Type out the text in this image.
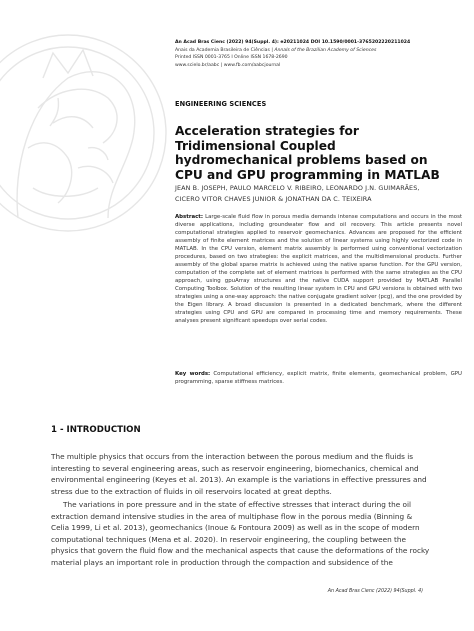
An Acad Bras Cienc (2022) 94(Suppl. 4): e20211024 DOI 10.1590/0001-3765202220211024
Anais da Academia Brasileira de Ciências | Annals of the Brazilian Academy of Sciences
Printed ISSN 0001-3765 I Online ISSN 1678-2690
www.scielo.br/aabc | www.fb.com/aabcjournal
ENGINEERING SCIENCES
Acceleration strategies for Tridimensional Coupled hydromechanical problems based on CPU and GPU programming in MATLAB
JEAN B. JOSEPH, PAULO MARCELO V. RIBEIRO, LEONARDO J.N. GUIMARÃES,
CICERO VITOR CHAVES JUNIOR & JONATHAN DA C. TEIXEIRA

Abstract: Large-scale fluid flow in porous media demands intense computations and occurs in the most diverse applications, including groundwater flow and oil recovery. This article presents novel computational strategies applied to reservoir geomechanics. Advances are proposed for the efficient assembly of finite element matrices and the solution of linear systems using highly vectorized code in MATLAB. In the CPU version, element matrix assembly is performed using conventional vectorization procedures, based on two strategies: the explicit matrices, and the multidimensional products. Further assembly of the global sparse matrix is achieved using the native sparse function. For the GPU version, computation of the complete set of element matrices is performed with the same strategies as the CPU approach, using gpuArray structures and the native CUDA support provided by MATLAB Parallel Computing Toolbox. Solution of the resulting linear system in CPU and GPU versions is obtained with two strategies using a one-way approach: the native conjugate gradient solver (pcg), and the one provided by the Eigen library. A broad discussion is presented in a dedicated benchmark, where the different strategies using CPU and GPU are compared in processing time and memory requirements. These analyses present significant speedups over serial codes.

Key words: Computational efficiency, explicit matrix, finite elements, geomechanical problem, GPU programming, sparse stiffness matrices.

1 - INTRODUCTION

The multiple physics that occurs from the interaction between the porous medium and the fluids is interesting to several engineering areas, such as reservoir engineering, biomechanics, chemical and environmental engineering (Keyes et al. 2013). An example is the variations in effective pressures and stress due to the extraction of fluids in oil reservoirs located at great depths.

The variations in pore pressure and in the state of effective stresses that interact during the oil extraction demand intensive studies in the area of multiphase flow in the porous media (Binning & Celia 1999, Li et al. 2013), geomechanics (Inoue & Fontoura 2009) as well as in the scope of modern computational techniques (Mena et al. 2020). In reservoir engineering, the coupling between the physics that govern the fluid flow and the mechanical aspects that cause the deformations of the rocky material plays an important role in production through the compaction and subsidence of the

An Acad Bras Cienc (2022) 94(Suppl. 4)
